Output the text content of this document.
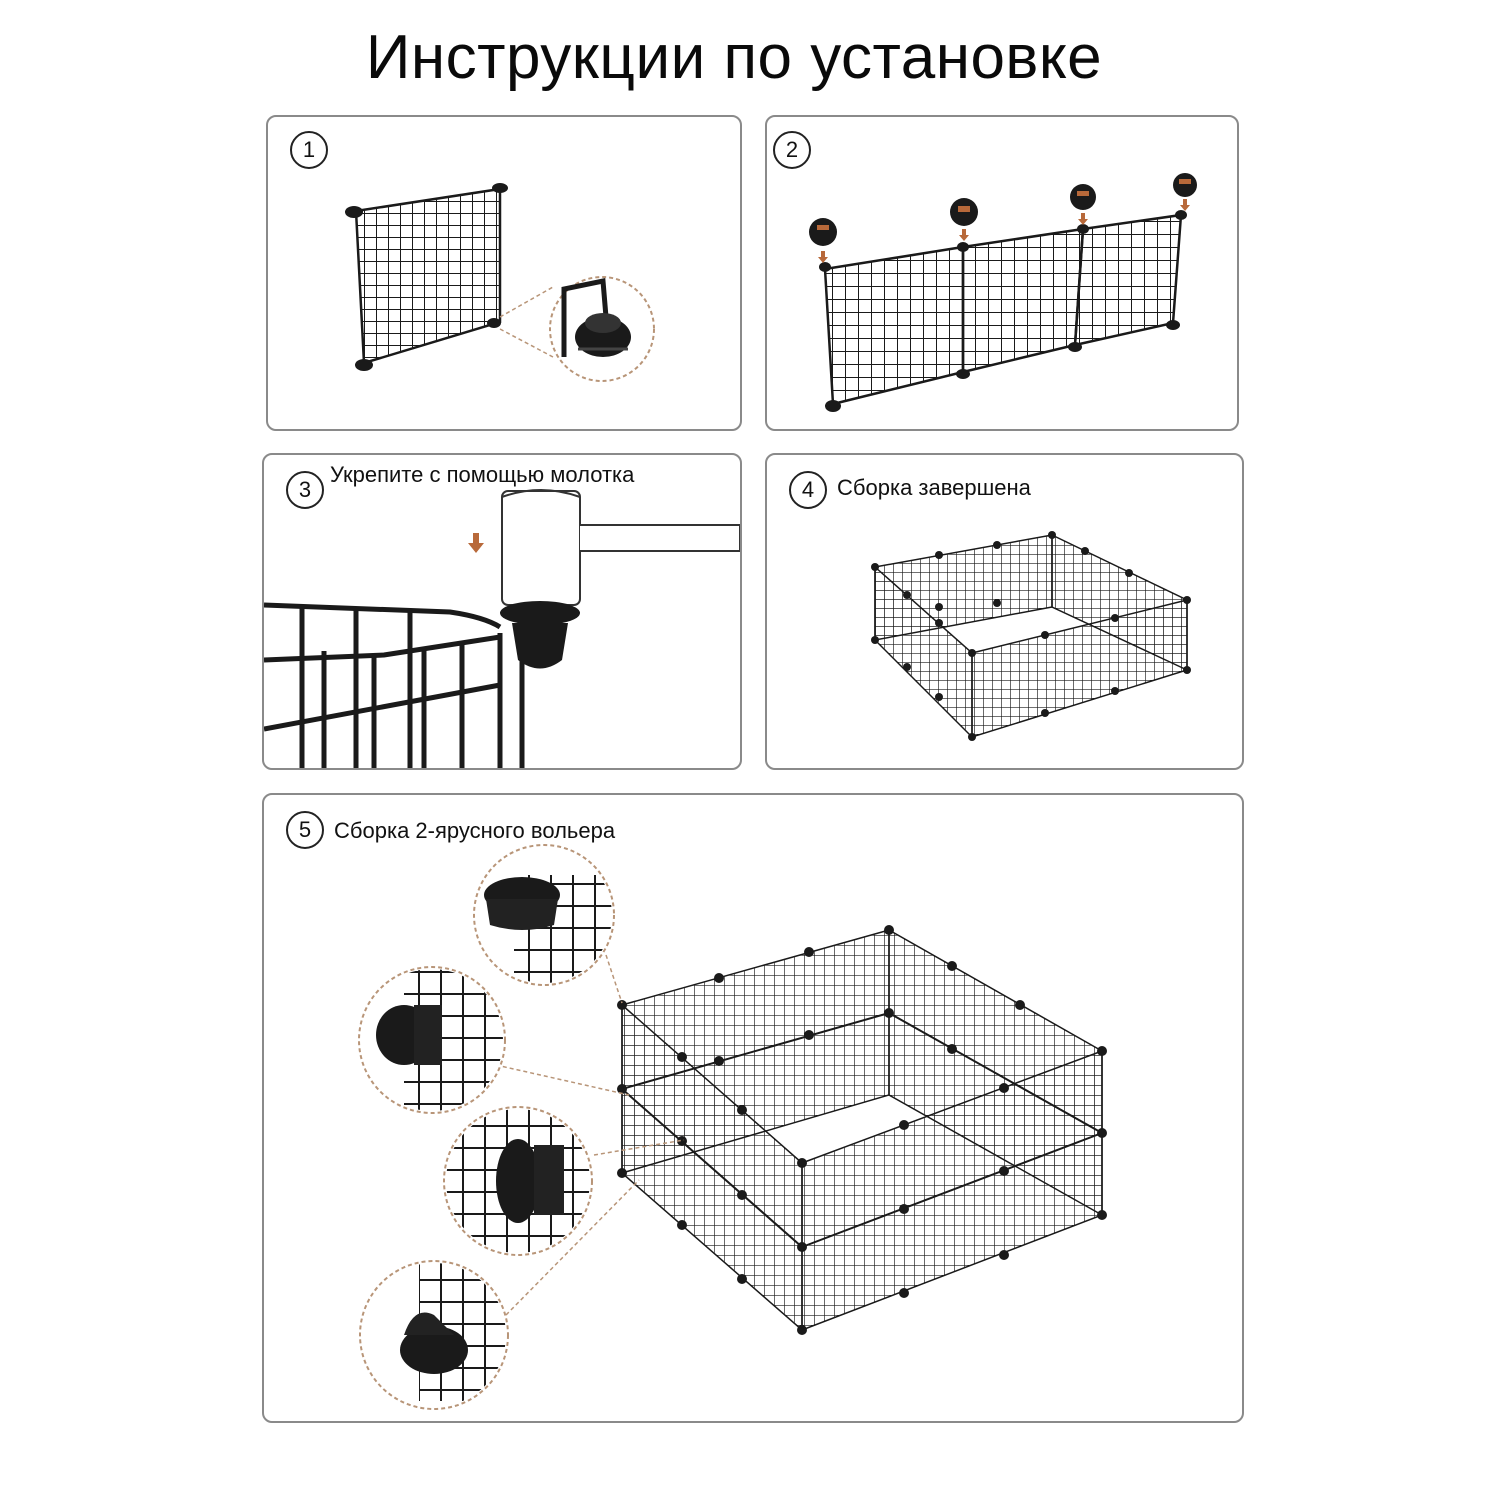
Инструкции по установке
1	2
3
Укрепите с помощью молотка
4	Сборка завершена
5	Сборка 2-ярусного вольера
